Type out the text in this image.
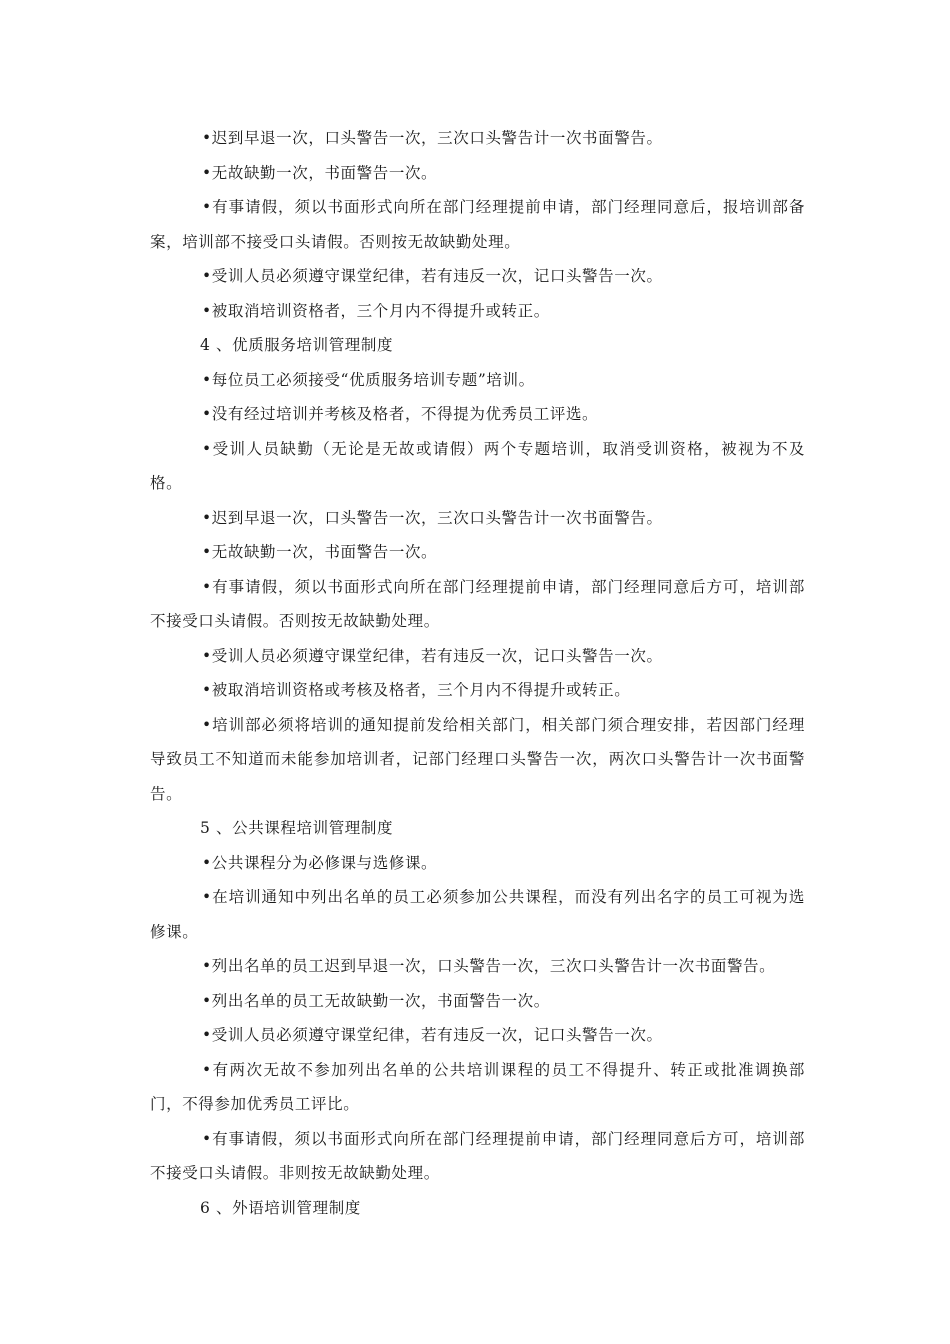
•迟到早退一次，口头警告一次，三次口头警告计一次书面警告。

•无故缺勤一次，书面警告一次。

•有事请假，须以书面形式向所在部门经理提前申请，部门经理同意后，报培训部备案，培训部不接受口头请假。否则按无故缺勤处理。

•受训人员必须遵守课堂纪律，若有违反一次，记口头警告一次。

•被取消培训资格者，三个月内不得提升或转正。

4 、优质服务培训管理制度

•每位员工必须接受“优质服务培训专题”培训。

•没有经过培训并考核及格者，不得提为优秀员工评选。

•受训人员缺勤（无论是无故或请假）两个专题培训，取消受训资格，被视为不及格。

•迟到早退一次，口头警告一次，三次口头警告计一次书面警告。

•无故缺勤一次，书面警告一次。

•有事请假，须以书面形式向所在部门经理提前申请，部门经理同意后方可，培训部不接受口头请假。否则按无故缺勤处理。

•受训人员必须遵守课堂纪律，若有违反一次，记口头警告一次。

•被取消培训资格或考核及格者，三个月内不得提升或转正。

•培训部必须将培训的通知提前发给相关部门，相关部门须合理安排，若因部门经理导致员工不知道而未能参加培训者，记部门经理口头警告一次，两次口头警告计一次书面警告。

5 、公共课程培训管理制度

•公共课程分为必修课与选修课。

•在培训通知中列出名单的员工必须参加公共课程，而没有列出名字的员工可视为选修课。

•列出名单的员工迟到早退一次，口头警告一次，三次口头警告计一次书面警告。

•列出名单的员工无故缺勤一次，书面警告一次。

•受训人员必须遵守课堂纪律，若有违反一次，记口头警告一次。

•有两次无故不参加列出名单的公共培训课程的员工不得提升、转正或批准调换部门，不得参加优秀员工评比。

•有事请假，须以书面形式向所在部门经理提前申请，部门经理同意后方可，培训部不接受口头请假。非则按无故缺勤处理。

6 、外语培训管理制度
